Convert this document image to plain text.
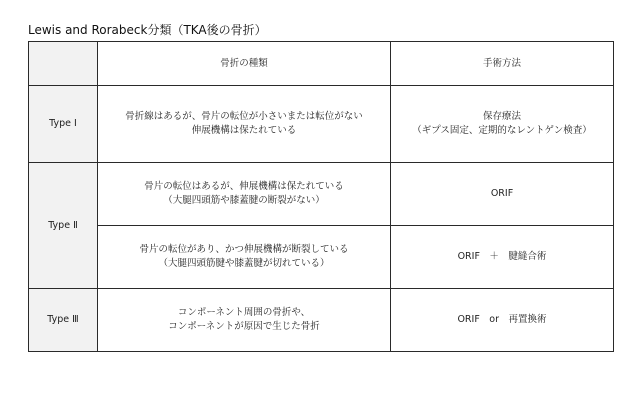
Lewis and Rorabeck分類（TKA後の骨折）
	骨折の種類	手術方法
Type Ⅰ	骨折線はあるが、骨片の転位が小さいまたは転位がない
伸展機構は保たれている	保存療法
（ギプス固定、定期的なレントゲン検査）

Type Ⅱ	骨片の転位はあるが、伸展機構は保たれている
（大腿四頭筋や膝蓋腱の断裂がない）	ORIF

	骨片の転位があり、かつ伸展機構が断裂している
（大腿四頭筋腱や膝蓋腱が切れている）	ORIF　＋　腱縫合術

Type Ⅲ	コンポーネント周囲の骨折や、
コンポーネントが原因で生じた骨折	ORIF　or　再置換術
